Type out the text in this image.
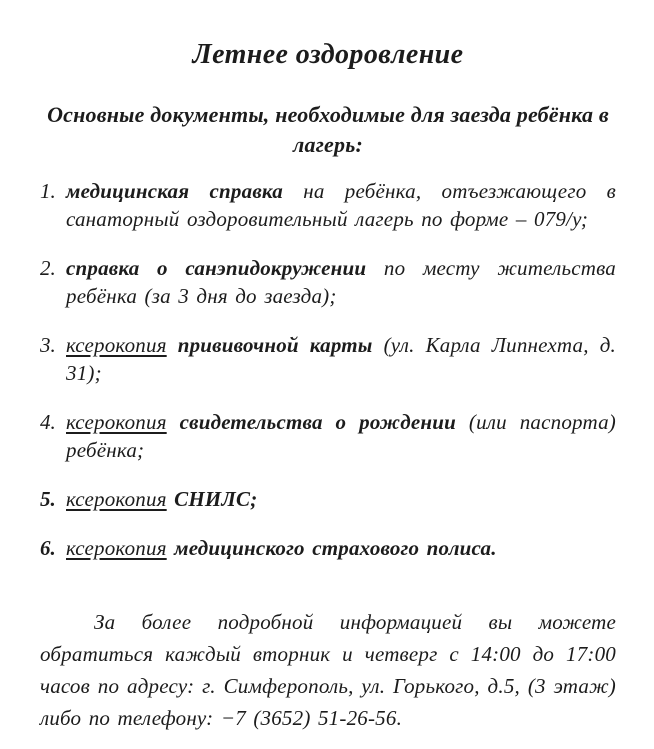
Летнее оздоровление
Основные документы, необходимые для заезда ребёнка в лагерь:
1. медицинская справка на ребёнка, отъезжающего в санаторный оздоровительный лагерь по форме – 079/у;
2. справка о санэпидокружении по месту жительства ребёнка (за 3 дня до заезда);
3. ксерокопия прививочной карты (ул. Карла Липнехта, д. 31);
4. ксерокопия свидетельства о рождении (или паспорта) ребёнка;
5. ксерокопия СНИЛС;
6. ксерокопия медицинского страхового полиса.

За более подробной информацией вы можете обратиться каждый вторник и четверг с 14:00 до 17:00 часов по адресу: г. Симферополь, ул. Горького, д.5, (3 этаж) либо по телефону: −7 (3652) 51-26-56.
